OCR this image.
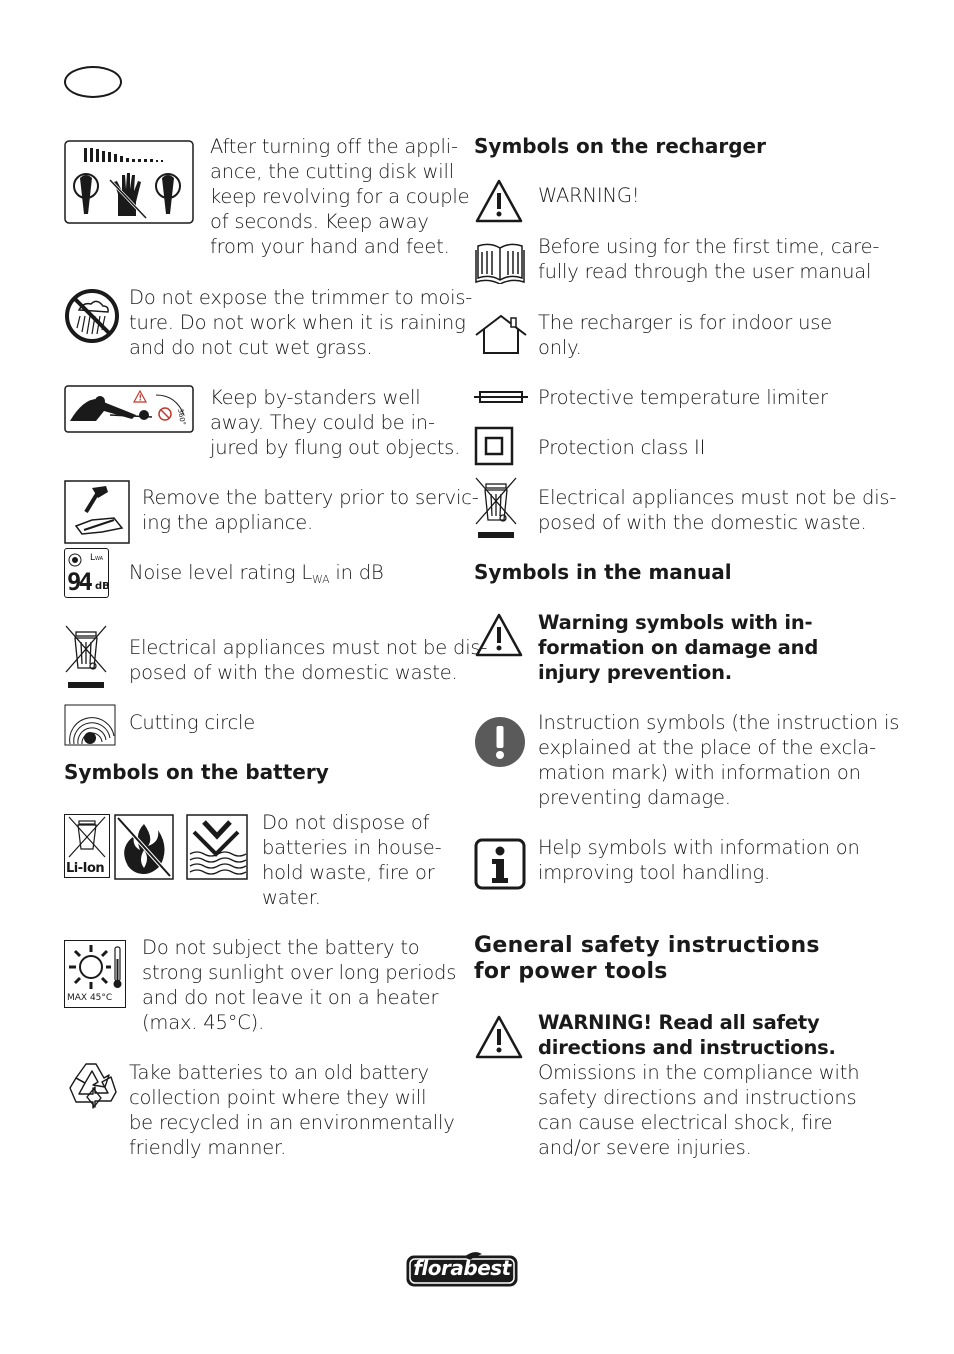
After turning off the appli-
ance, the cutting disk will
keep revolving for a couple
of seconds. Keep away
from your hand and feet.
Do not expose the trimmer to mois-
ture. Do not work when it is raining
and do not cut wet grass.
!
360°
Keep by-standers well
away. They could be in-
jured by flung out objects.
Remove the battery prior to servic-
ing the appliance.
LWA
94 dB
Noise level rating $L_{WA}$ in dB
Electrical appliances must not be dis-
posed of with the domestic waste.
Cutting circle
Symbols on the battery
Li-Ion
Do not dispose of
batteries in house-
hold waste, fire or
water.
MAX 45°C
Do not subject the battery to
strong sunlight over long periods
and do not leave it on a heater
(max. 45°C).
Take batteries to an old battery
collection point where they will
be recycled in an environmentally
friendly manner.
Symbols on the recharger
WARNING!
Before using for the first time, care-
fully read through the user manual
The recharger is for indoor use
only.
Protective temperature limiter
Protection class II
Electrical appliances must not be dis-
posed of with the domestic waste.
Symbols in the manual
Warning symbols with in-
formation on damage and
injury prevention.
Instruction symbols (the instruction is
explained at the place of the excla-
mation mark) with information on
preventing damage.
Help symbols with information on
improving tool handling.
General safety instructions
for power tools
WARNING! Read all safety
directions and instructions.
Omissions in the compliance with
safety directions and instructions
can cause electrical shock, fire
and/or severe injuries.
florabest
